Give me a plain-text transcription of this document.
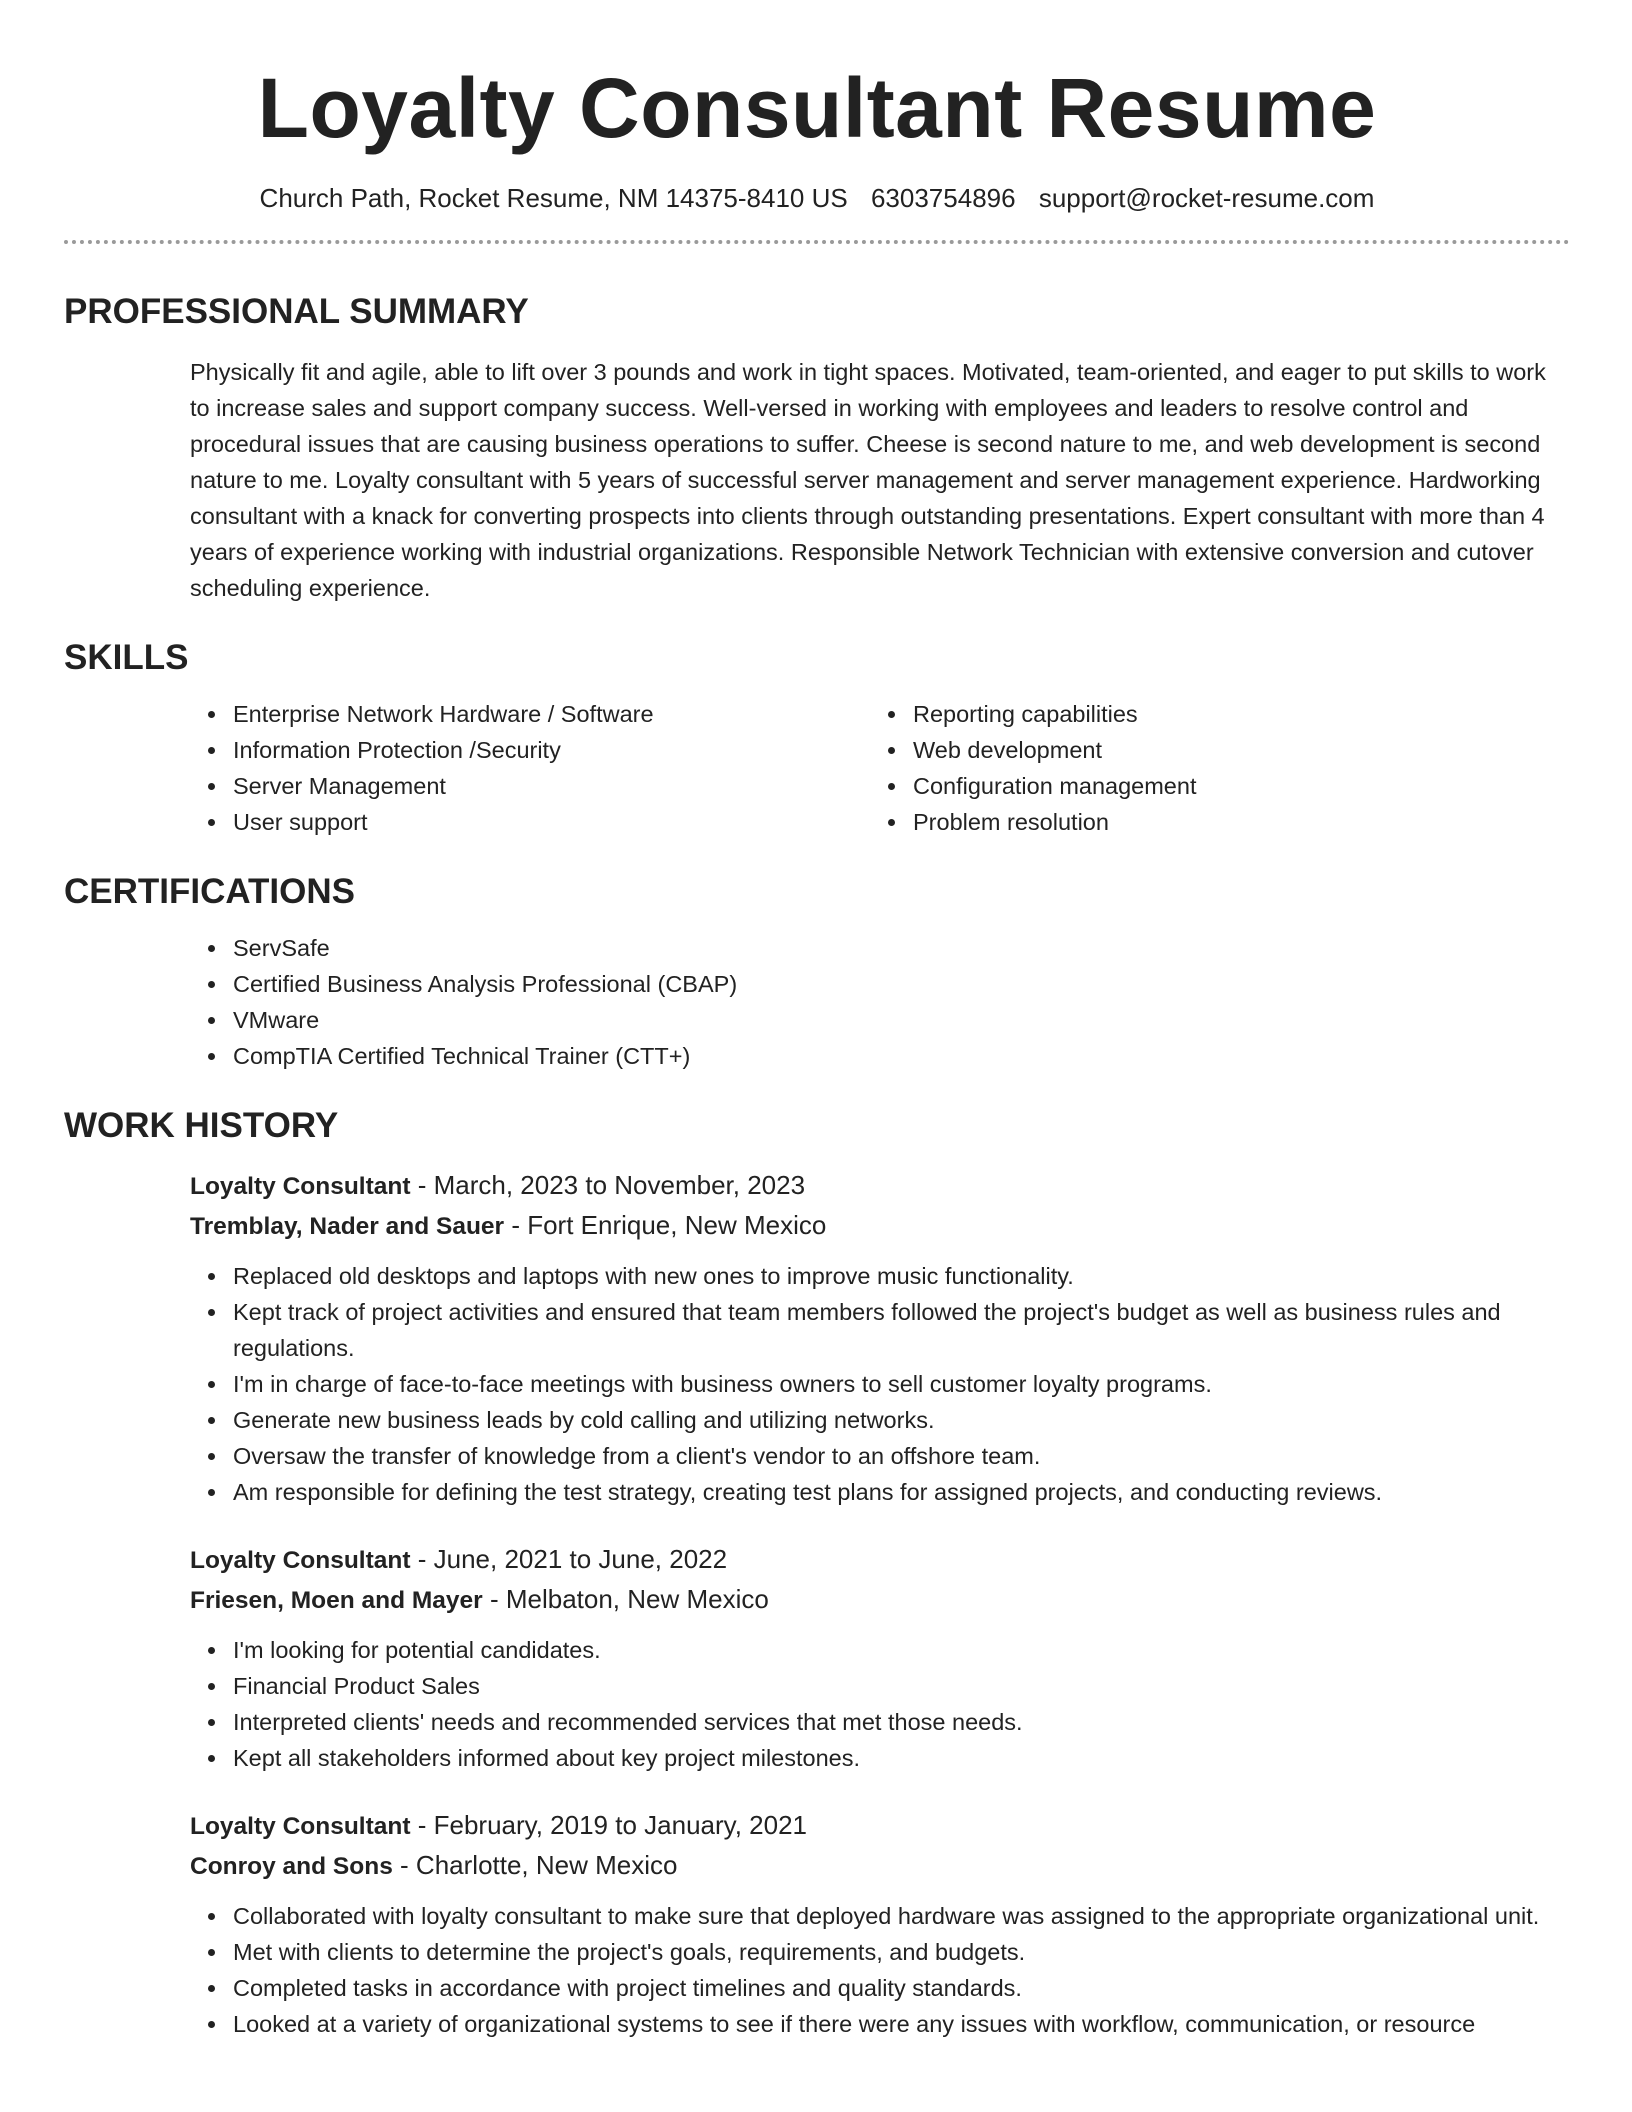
Loyalty Consultant Resume
Church Path, Rocket Resume, NM 14375-8410 US 6303754896 support@rocket-resume.com
PROFESSIONAL SUMMARY

Physically fit and agile, able to lift over 3 pounds and work in tight spaces. Motivated, team-oriented, and eager to put skills to work to increase sales and support company success. Well-versed in working with employees and leaders to resolve control and procedural issues that are causing business operations to suffer. Cheese is second nature to me, and web development is second nature to me. Loyalty consultant with 5 years of successful server management and server management experience. Hardworking consultant with a knack for converting prospects into clients through outstanding presentations. Expert consultant with more than 4 years of experience working with industrial organizations. Responsible Network Technician with extensive conversion and cutover scheduling experience.

SKILLS
Enterprise Network Hardware / Software
Information Protection /Security
Server Management
User support
Reporting capabilities
Web development
Configuration management
Problem resolution
CERTIFICATIONS
ServSafe
Certified Business Analysis Professional (CBAP)
VMware
CompTIA Certified Technical Trainer (CTT+)
WORK HISTORY
Loyalty Consultant - March, 2023 to November, 2023
Tremblay, Nader and Sauer - Fort Enrique, New Mexico
Replaced old desktops and laptops with new ones to improve music functionality.
Kept track of project activities and ensured that team members followed the project's budget as well as business rules and regulations.
I'm in charge of face-to-face meetings with business owners to sell customer loyalty programs.
Generate new business leads by cold calling and utilizing networks.
Oversaw the transfer of knowledge from a client's vendor to an offshore team.
Am responsible for defining the test strategy, creating test plans for assigned projects, and conducting reviews.
Loyalty Consultant - June, 2021 to June, 2022
Friesen, Moen and Mayer - Melbaton, New Mexico
I'm looking for potential candidates.
Financial Product Sales
Interpreted clients' needs and recommended services that met those needs.
Kept all stakeholders informed about key project milestones.
Loyalty Consultant - February, 2019 to January, 2021
Conroy and Sons - Charlotte, New Mexico
Collaborated with loyalty consultant to make sure that deployed hardware was assigned to the appropriate organizational unit.
Met with clients to determine the project's goals, requirements, and budgets.
Completed tasks in accordance with project timelines and quality standards.
Looked at a variety of organizational systems to see if there were any issues with workflow, communication, or resource
